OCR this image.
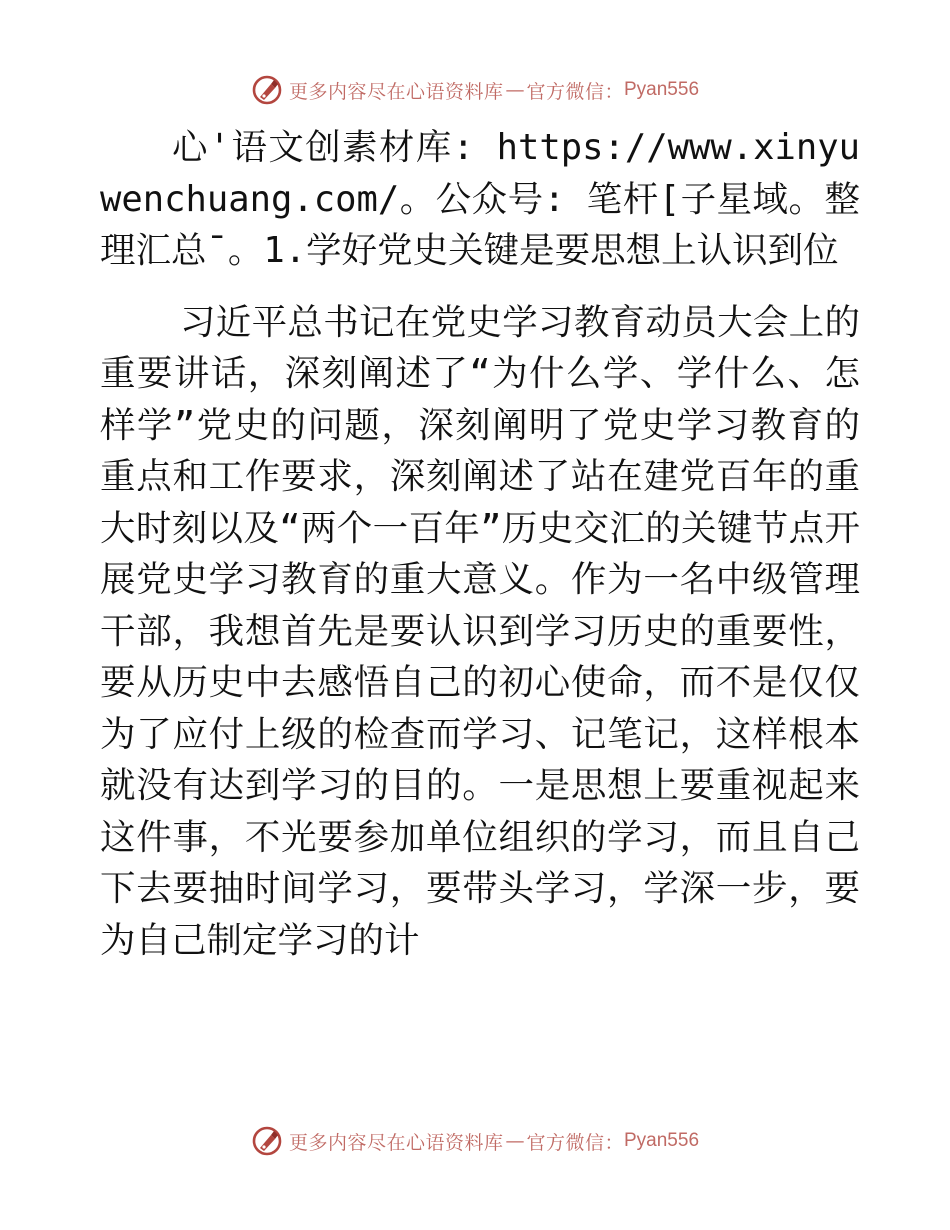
更多内容尽在心语资料库 — 官方微信： Pyan556

心'语文创素材库: https://www.xinyuwenchuang.com/。公众号: 笔杆[子星域。整理汇总¯。1.学好党史关键是要思想上认识到位

习近平总书记在党史学习教育动员大会上的重要讲话，深刻阐述了“为什么学、学什么、怎样学”党史的问题，深刻阐明了党史学习教育的重点和工作要求，深刻阐述了站在建党百年的重大时刻以及“两个一百年”历史交汇的关键节点开展党史学习教育的重大意义。作为一名中级管理干部，我想首先是要认识到学习历史的重要性，要从历史中去感悟自己的初心使命，而不是仅仅为了应付上级的检查而学习、记笔记，这样根本就没有达到学习的目的。一是思想上要重视起来这件事，不光要参加单位组织的学习，而且自己下去要抽时间学习，要带头学习，学深一步，要为自己制定学习的计

更多内容尽在心语资料库 — 官方微信： Pyan556
